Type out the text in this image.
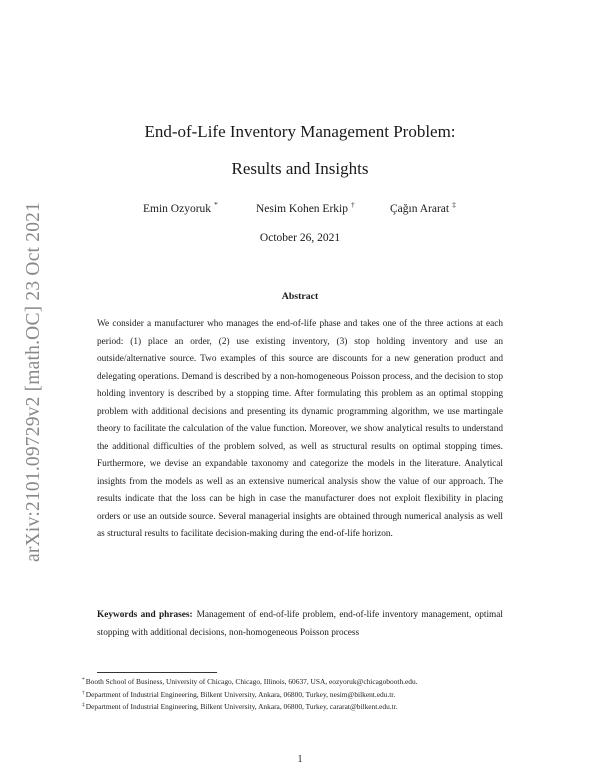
arXiv:2101.09729v2 [math.OC] 23 Oct 2021
End-of-Life Inventory Management Problem:
Results and Insights
Emin Ozyoruk *	Nesim Kohen Erkip †	Çağın Ararat ‡
October 26, 2021
Abstract
We consider a manufacturer who manages the end-of-life phase and takes one of the three actions at each period: (1) place an order, (2) use existing inventory, (3) stop holding inventory and use an outside/alternative source. Two examples of this source are discounts for a new generation product and delegating operations. Demand is described by a non-homogeneous Poisson process, and the decision to stop holding inventory is described by a stopping time. After formulating this problem as an optimal stopping problem with additional decisions and presenting its dynamic programming algorithm, we use martingale theory to facilitate the calculation of the value function. Moreover, we show analytical results to understand the additional difficulties of the problem solved, as well as structural results on optimal stopping times. Furthermore, we devise an expandable taxonomy and categorize the models in the literature. Analytical insights from the models as well as an extensive numerical analysis show the value of our approach. The results indicate that the loss can be high in case the manufacturer does not exploit flexibility in placing orders or use an outside source. Several managerial insights are obtained through numerical analysis as well as structural results to facilitate decision-making during the end-of-life horizon.
Keywords and phrases: Management of end-of-life problem, end-of-life inventory management, optimal stopping with additional decisions, non-homogeneous Poisson process
*Booth School of Business, University of Chicago, Chicago, Illinois, 60637, USA, eozyoruk@chicagobooth.edu.
†Department of Industrial Engineering, Bilkent University, Ankara, 06800, Turkey, nesim@bilkent.edu.tr.
‡Department of Industrial Engineering, Bilkent University, Ankara, 06800, Turkey, cararat@bilkent.edu.tr.
1
